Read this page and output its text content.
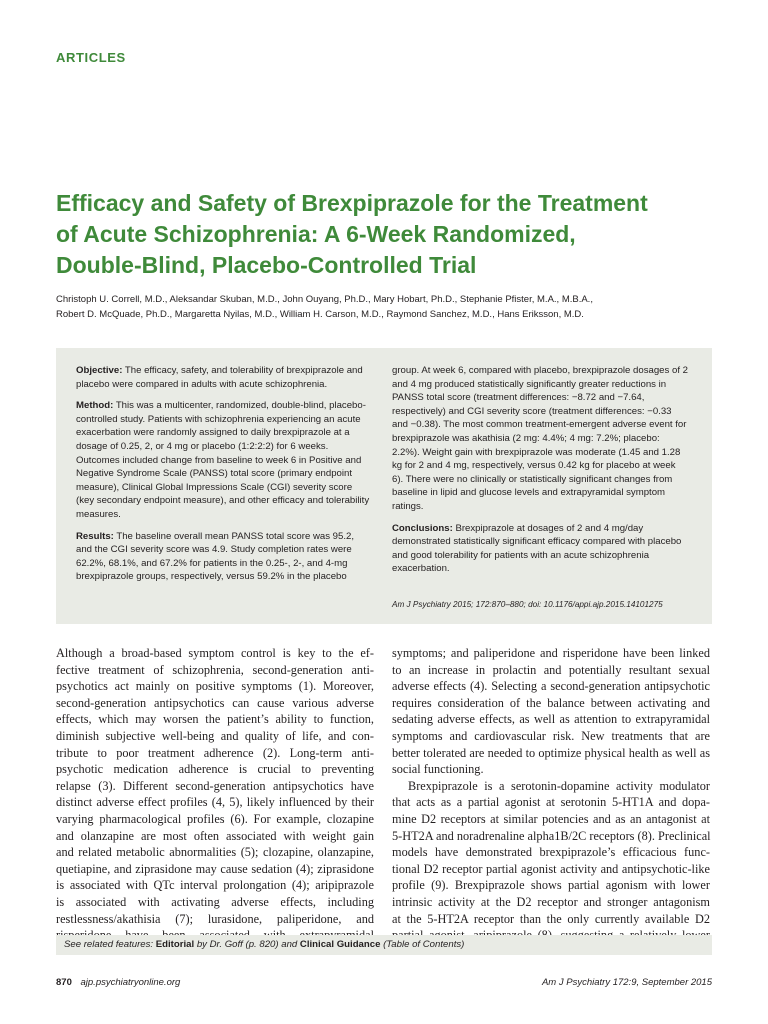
ARTICLES
Efficacy and Safety of Brexpiprazole for the Treatment
of Acute Schizophrenia: A 6-Week Randomized,
Double-Blind, Placebo-Controlled Trial
Christoph U. Correll, M.D., Aleksandar Skuban, M.D., John Ouyang, Ph.D., Mary Hobart, Ph.D., Stephanie Pfister, M.A., M.B.A.,
Robert D. McQuade, Ph.D., Margaretta Nyilas, M.D., William H. Carson, M.D., Raymond Sanchez, M.D., Hans Eriksson, M.D.

Objective: The efficacy, safety, and tolerability of brexpiprazole and placebo were compared in adults with acute schizophrenia.

Method: This was a multicenter, randomized, double-blind, placebo-controlled study. Patients with schizophrenia experiencing an acute exacerbation were randomly assigned to daily brexpiprazole at a dosage of 0.25, 2, or 4 mg or placebo (1:2:2:2) for 6 weeks. Outcomes included change from baseline to week 6 in Positive and Negative Syndrome Scale (PANSS) total score (primary endpoint measure), Clinical Global Impressions Scale (CGI) severity score (key secondary endpoint measure), and other efficacy and tolerability measures.

Results: The baseline overall mean PANSS total score was 95.2, and the CGI severity score was 4.9. Study completion rates were 62.2%, 68.1%, and 67.2% for patients in the 0.25-, 2-, and 4-mg brexpiprazole groups, respectively, versus 59.2% in the placebo

group. At week 6, compared with placebo, brexpiprazole dosages of 2 and 4 mg produced statistically significantly greater reductions in PANSS total score (treatment differences: −8.72 and −7.64, respectively) and CGI severity score (treatment differences: −0.33 and −0.38). The most common treatment-emergent adverse event for brexpiprazole was akathisia (2 mg: 4.4%; 4 mg: 7.2%; placebo: 2.2%). Weight gain with brexpiprazole was moderate (1.45 and 1.28 kg for 2 and 4 mg, respectively, versus 0.42 kg for placebo at week 6). There were no clinically or statistically significant changes from baseline in lipid and glucose levels and extrapyramidal symptom ratings.

Conclusions: Brexpiprazole at dosages of 2 and 4 mg/day demonstrated statistically significant efficacy compared with placebo and good tolerability for patients with an acute schizophrenia exacerbation.

Am J Psychiatry 2015; 172:870–880; doi: 10.1176/appi.ajp.2015.14101275
Although a broad-based symptom control is key to the ef-
fective treatment of schizophrenia, second-generation anti-
psychotics act mainly on positive symptoms (1). Moreover,
second-generation antipsychotics can cause various adverse
effects, which may worsen the patient’s ability to function,
diminish subjective well-being and quality of life, and con-
tribute to poor treatment adherence (2). Long-term anti-
psychotic medication adherence is crucial to preventing
relapse (3). Different second-generation antipsychotics have
distinct adverse effect profiles (4, 5), likely influenced by their
varying pharmacological profiles (6). For example, clozapine
and olanzapine are most often associated with weight gain
and related metabolic abnormalities (5); clozapine, olanzapine,
quetiapine, and ziprasidone may cause sedation (4); ziprasidone
is associated with QTc interval prolongation (4); aripiprazole
is associated with activating adverse effects, including
restlessness/akathisia (7); lurasidone, paliperidone, and
symptoms; and paliperidone and risperidone have been linked
to an increase in prolactin and potentially resultant sexual
adverse effects (4). Selecting a second-generation antipsychotic
requires consideration of the balance between activating and
sedating adverse effects, as well as attention to extrapyramidal
symptoms and cardiovascular risk. New treatments that are
better tolerated are needed to optimize physical health as well as
social functioning.
Brexpiprazole is a serotonin-dopamine activity modulator
that acts as a partial agonist at serotonin 5-HT1A and dopa-
mine D2 receptors at similar potencies and as an antagonist at
5-HT2A and noradrenaline alpha1B/2C receptors (8). Preclinical
models have demonstrated brexpiprazole’s efficacious func-
tional D2 receptor partial agonist activity and antipsychotic-like
profile (9). Brexpiprazole shows partial agonism with lower
intrinsic activity at the D2 receptor and stronger antagonism
at the 5-HT2A receptor than the only currently available D2
See related features: Editorial by Dr. Goff (p. 820) and Clinical Guidance (Table of Contents)
870 ajp.psychiatryonline.org	Am J Psychiatry 172:9, September 2015
